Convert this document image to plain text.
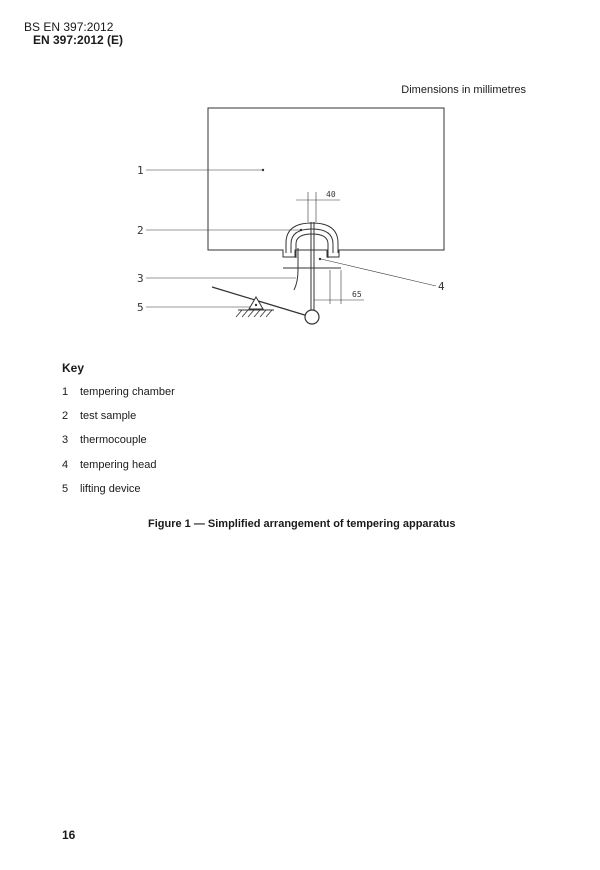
BS EN 397:2012
EN 397:2012 (E)
Dimensions in millimetres
40
65
1
2
3
4
5
Key
1 tempering chamber
2 test sample
3 thermocouple
4 tempering head
5 lifting device
Figure 1 — Simplified arrangement of tempering apparatus
16
